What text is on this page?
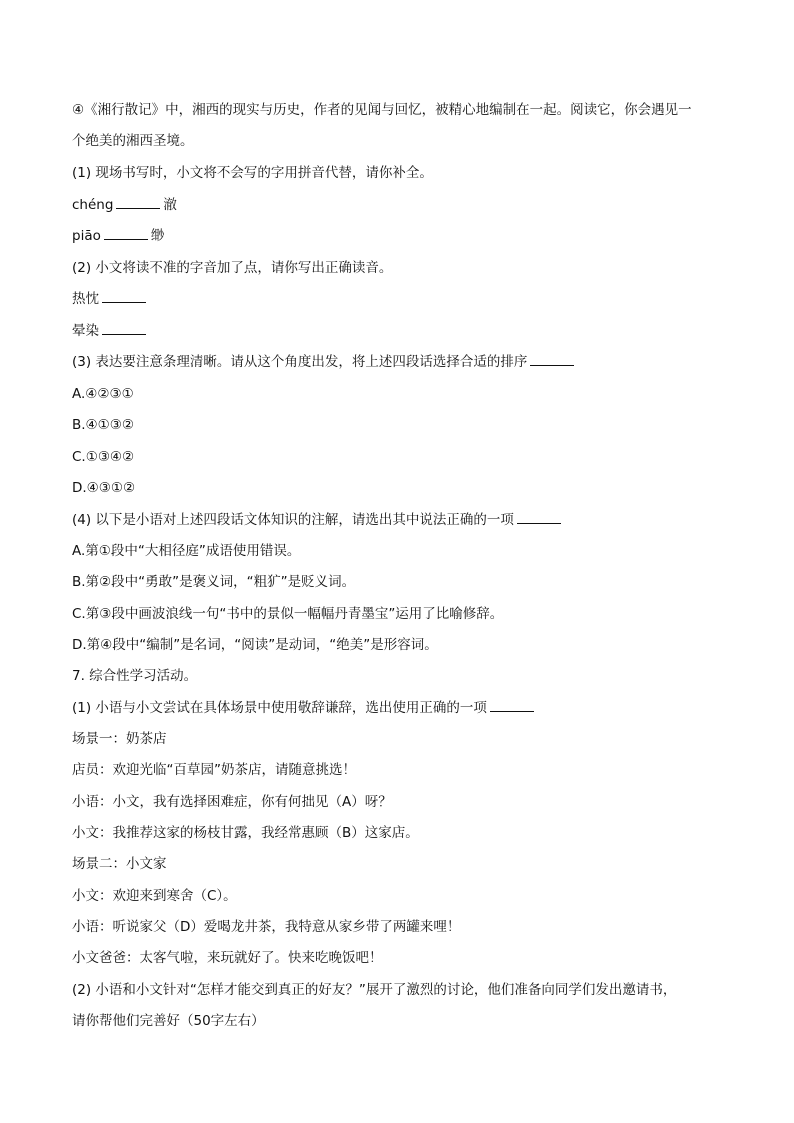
④《湘行散记》中，湘西的现实与历史，作者的见闻与回忆，被精心地编制在一起。阅读它，你会遇见一
个绝美的湘西圣境。
(1) 现场书写时，小文将不会写的字用拼音代替，请你补全。
chéng	澈
piāo	缈
(2) 小文将读不准的字音加了点，请你写出正确读音。
热忱
晕染
(3) 表达要注意条理清晰。请从这个角度出发，将上述四段话选择合适的排序
A.④②③①
B.④①③②
C.①③④②
D.④③①②
(4) 以下是小语对上述四段话文体知识的注解，请选出其中说法正确的一项
A.第①段中“大相径庭”成语使用错误。
B.第②段中“勇敢”是褒义词，“粗犷”是贬义词。
C.第③段中画波浪线一句“书中的景似一幅幅丹青墨宝”运用了比喻修辞。
D.第④段中“编制”是名词，“阅读”是动词，“绝美”是形容词。
7. 综合性学习活动。
(1) 小语与小文尝试在具体场景中使用敬辞谦辞，选出使用正确的一项
场景一：奶茶店
店员：欢迎光临“百草园”奶茶店，请随意挑选！
小语：小文，我有选择困难症，你有何拙见（A）呀？
小文：我推荐这家的杨枝甘露，我经常惠顾（B）这家店。
场景二：小文家
小文：欢迎来到寒舍（C）。
小语：听说家父（D）爱喝龙井茶，我特意从家乡带了两罐来哩！
小文爸爸：太客气啦，来玩就好了。快来吃晚饭吧！
(2) 小语和小文针对“怎样才能交到真正的好友？”展开了激烈的讨论，他们准备向同学们发出邀请书，
请你帮他们完善好（50字左右）
